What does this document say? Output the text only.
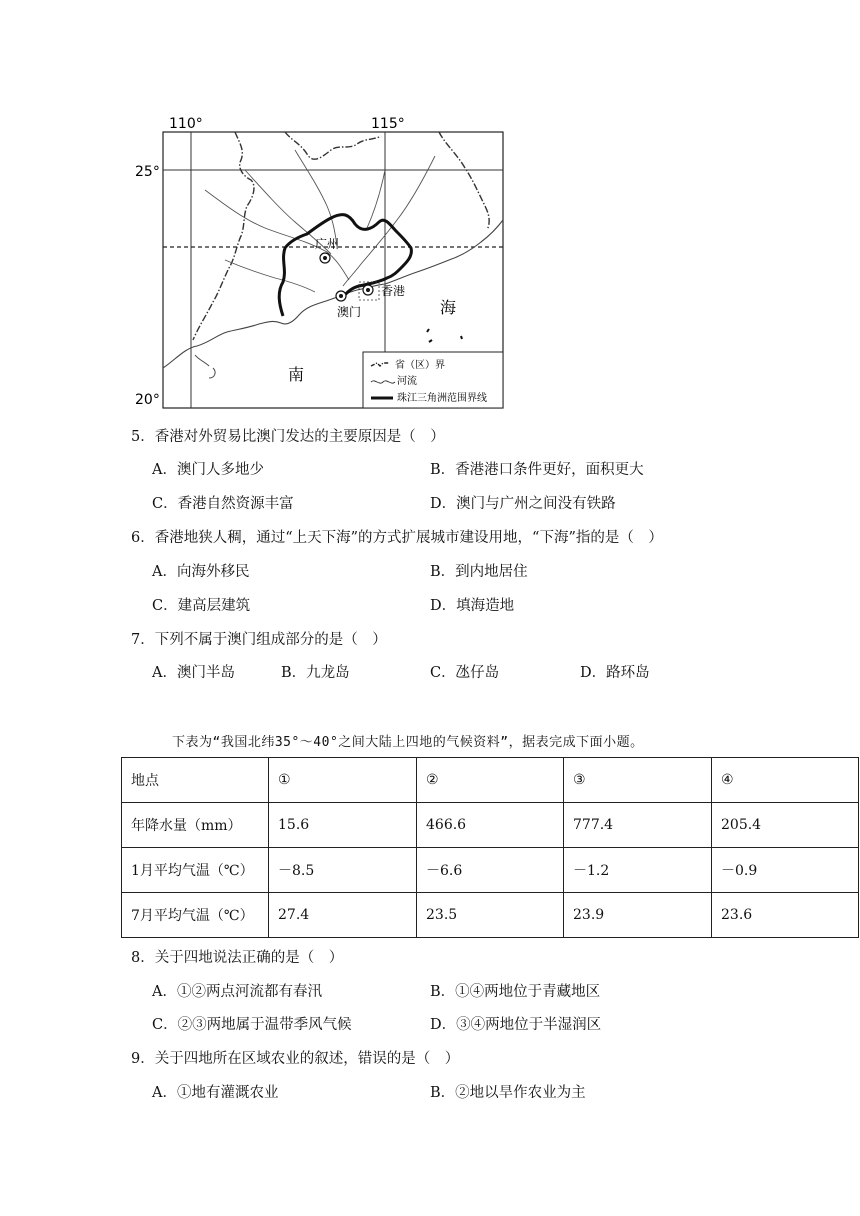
110°	115°
25°
20°
广州
澳门
香港
南
海
省（区）界
河流
珠江三角洲范围界线
5．香港对外贸易比澳门发达的主要原因是（　）
A．澳门人多地少	B．香港港口条件更好，面积更大
C．香港自然资源丰富	D．澳门与广州之间没有铁路
6．香港地狭人稠，通过“上天下海”的方式扩展城市建设用地，“下海”指的是（　）
A．向海外移民	B．到内地居住
C．建高层建筑	D．填海造地
7．下列不属于澳门组成部分的是（　）
A．澳门半岛	B．九龙岛	C．氹仔岛	D．路环岛
下表为“我国北纬35°～40°之间大陆上四地的气候资料”，据表完成下面小题。
地点	①	②	③	④
年降水量（mm）	15.6	466.6	777.4	205.4
1月平均气温（℃）	－8.5	－6.6	－1.2	－0.9
7月平均气温（℃）	27.4	23.5	23.9	23.6
8．关于四地说法正确的是（　）
A．①②两点河流都有春汛	B．①④两地位于青藏地区
C．②③两地属于温带季风气候	D．③④两地位于半湿润区
9．关于四地所在区域农业的叙述，错误的是（　）
A．①地有灌溉农业	B．②地以旱作农业为主
